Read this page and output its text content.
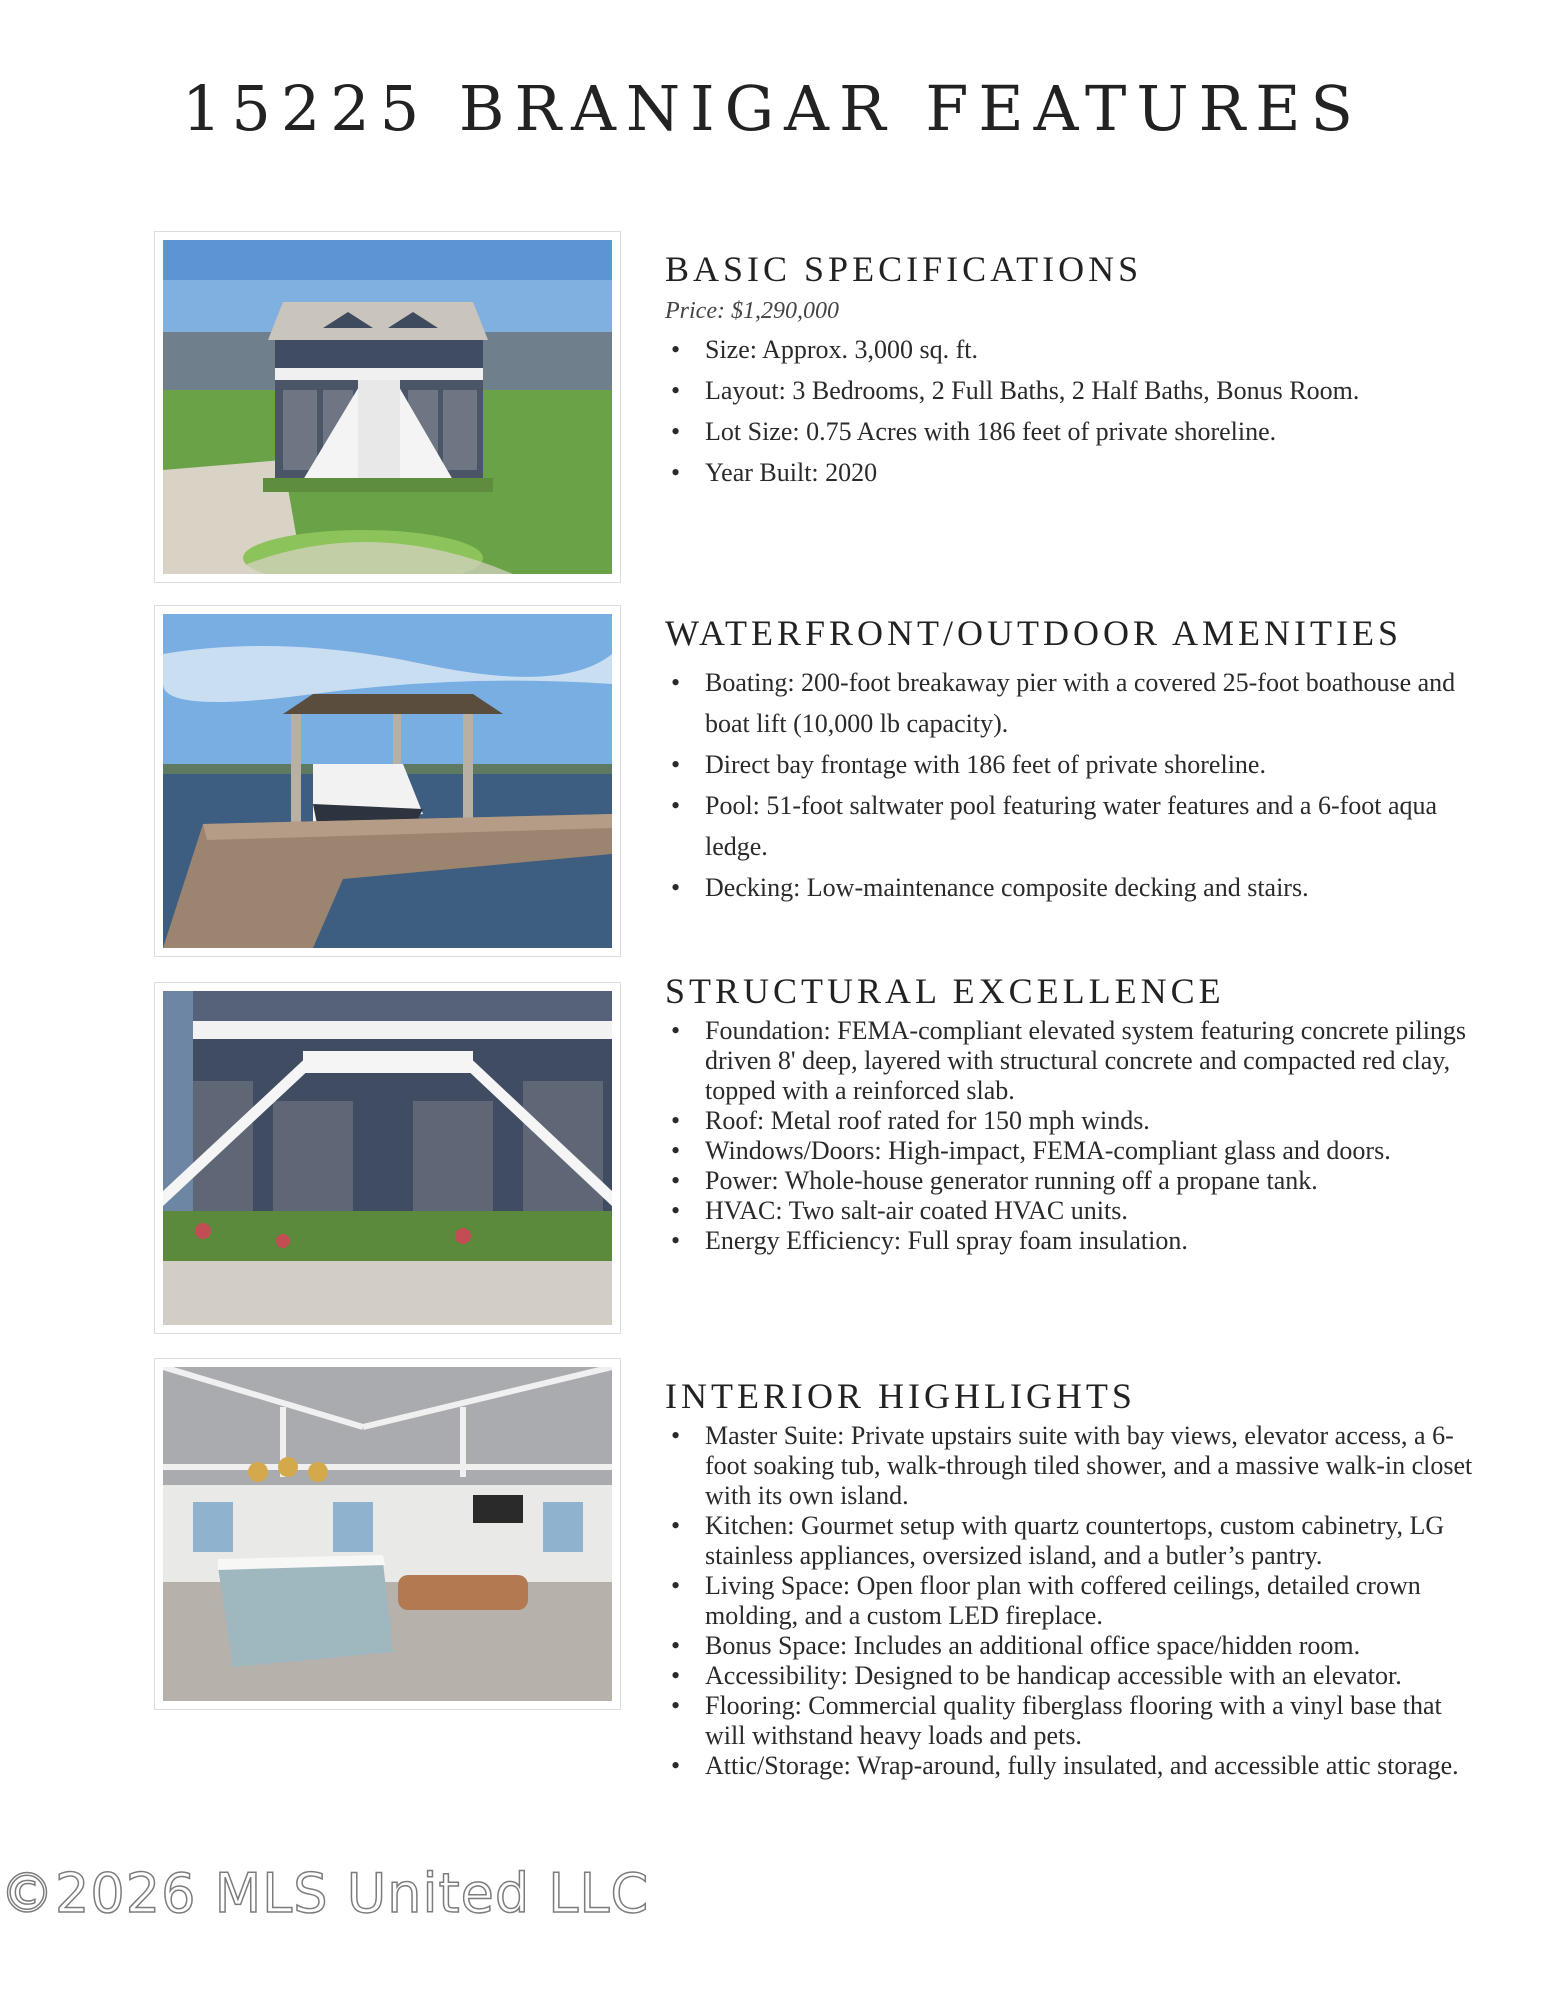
15225 BRANIGAR FEATURES
BASIC SPECIFICATIONS
Price: $1,290,000
• Size: Approx. 3,000 sq. ft.
• Layout: 3 Bedrooms, 2 Full Baths, 2 Half Baths, Bonus Room.
• Lot Size: 0.75 Acres with 186 feet of private shoreline.
• Year Built: 2020
WATERFRONT/OUTDOOR AMENITIES
• Boating: 200-foot breakaway pier with a covered 25-foot boathouse and boat lift (10,000 lb capacity).
• Direct bay frontage with 186 feet of private shoreline.
• Pool: 51-foot saltwater pool featuring water features and a 6-foot aqua ledge.
• Decking: Low-maintenance composite decking and stairs.
STRUCTURAL EXCELLENCE
• Foundation: FEMA-compliant elevated system featuring concrete pilings driven 8' deep, layered with structural concrete and compacted red clay, topped with a reinforced slab.
• Roof: Metal roof rated for 150 mph winds.
• Windows/Doors: High-impact, FEMA-compliant glass and doors.
• Power: Whole-house generator running off a propane tank.
• HVAC: Two salt-air coated HVAC units.
• Energy Efficiency: Full spray foam insulation.
INTERIOR HIGHLIGHTS
• Master Suite: Private upstairs suite with bay views, elevator access, a 6-foot soaking tub, walk-through tiled shower, and a massive walk-in closet with its own island.
• Kitchen: Gourmet setup with quartz countertops, custom cabinetry, LG stainless appliances, oversized island, and a butler’s pantry.
• Living Space: Open floor plan with coffered ceilings, detailed crown molding, and a custom LED fireplace.
• Bonus Space: Includes an additional office space/hidden room.
• Accessibility: Designed to be handicap accessible with an elevator.
• Flooring: Commercial quality fiberglass flooring with a vinyl base that will withstand heavy loads and pets.
• Attic/Storage: Wrap-around, fully insulated, and accessible attic storage.
©2026 MLS United LLC
